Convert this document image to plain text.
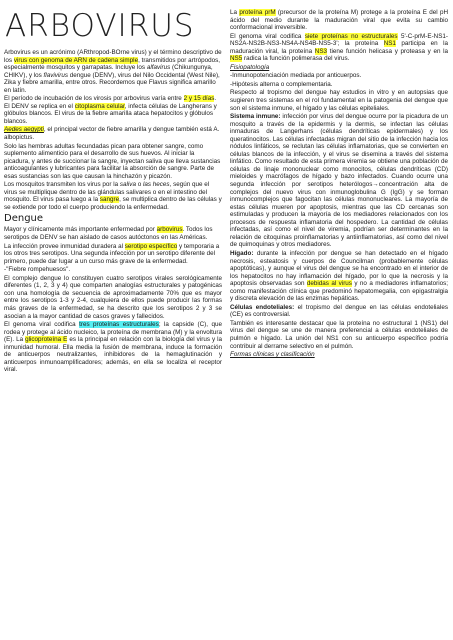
ARBOVIRUS

Arbovirus es un acrónimo (ARthropod-BOrne virus) y el término descriptivo de los virus con genoma de ARN de cadena simple, transmitidos por artrópodos, especialmente mosquitos y garrapatas. Incluye los alfavirus (Chikungunya, CHIKV), y los flavivirus dengue (DENV), virus del Nilo Occidental (West Nile), Zika y fiebre amarilla, entre otros. Recordemos que Flavus significa amarillo en latín.

El período de incubación de los virosis por arbovirus varía entre 2 y 15 días. El DENV se replica en el citoplasma celular, infecta células de Langherans y glóbulos blancos. El virus de la fiebre amarilla ataca hepatocitos y glóbulos blancos.

Aedes aegypti, el principal vector de fiebre amarilla y dengue también está A. albopictus.

Solo las hembras adultas fecundadas pican para obtener sangre, como suplemento alimenticio para el desarrollo de sus huevos. Al iniciar la picadura, y antes de succionar la sangre, inyectan saliva que lleva sustancias anticoagulantes y lubricantes para facilitar la absorción de sangre. Parte de esas sustancias son las que causan la hinchazón y picazón.

Los mosquitos transmiten los virus por la saliva o las heces, según que el virus se multiplique dentro de las glándulas salivares o en el intestino del mosquito. El virus pasa luego a la sangre, se multiplica dentro de las células y se extiende por todo el cuerpo produciendo la enfermedad.

Dengue

Mayor y clínicamente más importante enfermedad por arbovirus. Todos los serotipos de DENV se han aislado de casos autóctonos en las Américas.

La infección provee inmunidad duradera al serotipo específico y temporaria a los otros tres serotipos. Una segunda infección por un serotipo diferente del primero, puede dar lugar a un curso más grave de la enfermedad.

-"Fiebre rompehuesos".

El complejo dengue lo constituyen cuatro serotipos virales serológicamente diferentes (1, 2, 3 y 4) que comparten analogías estructurales y patogénicas con una homología de secuencia de aproximadamente 70% que es mayor entre los serotipos 1-3 y 2-4, cualquiera de ellos puede producir las formas más graves de la enfermedad, se ha descrito que los serotipos 2 y 3 se asocian a la mayor cantidad de casos graves y fallecidos.

El genoma viral codifica tres proteínas estructurales; la capside (C), que rodea y protege al ácido nucleico, la proteína de membrana (M) y la envoltura (E). La glicoproteína E es la principal en relación con la biología del virus y la inmunidad humoral. Ella media la fusión de membrana, induce la formación de anticuerpos neutralizantes, inhibidores de la hemaglutinación y anticuerpos inmunoamplificadores; además, en ella se localiza el receptor viral.

La proteína prM (precursor de la proteína M) protege a la proteína E del pH ácido del medio durante la maduración viral que evita su cambio conformacional irreversible.

El genoma viral codifica siete proteínas no estructurales 5'-C-prM-E-NS1- NS2A-NS2B-NS3-NS4A-NS4B-NS5-3'; la proteína NS1 participa en la maduración viral, la proteína NS3 tiene función helicasa y proteasa y en la NS5 radica la función polimerasa del virus.

Fisiopatología

-Inmunopotenciación mediada por anticuerpos.

-Hipótesis alterna o complementaria.

Respecto al tropismo del dengue hay estudios in vitro y en autopsias que sugieren tres sistemas en el rol fundamental en la patogenia del dengue que son el sistema inmune, el hígado y las células epiteliales.

Sistema inmune: infección por virus del dengue ocurre por la picadura de un mosquito a través de la epidermis y la dermis, se infectan las células inmaduras de Langerhans (células dendríticas epidermales) y los queratinocitos. Las células infectadas migran del sitio de la infección hacia los nódulos linfáticos, se reclutan las células inflamatorias, que se convierten en células blancos de la infección, y el virus se disemina a través del sistema linfático. Como resultado de esta primera viremia se obtiene una población de células de linaje mononuclear como monocitos, células dendríticas (CD) mieloides y macrófagos de hígado y bazo infectados. Cuando ocurre una segunda infección por serotipos heterólogos→concentración alta de complejos del nuevo virus con inmunoglobulina G (IgG) y se forman inmunocomplejos que fagocitan las células mononucleares. La mayoría de estas células mueren por apoptosis, mientras que las CD cercanas son estimuladas y producen la mayoría de los mediadores relacionados con los procesos de respuesta inflamatoria del hospedero. La cantidad de células infectadas, así como el nivel de viremia, podrían ser determinantes en la relación de citoquinas proinflamatorias y antiinflamatorias, así como del nivel de quimoquinas y otros mediadores.

Hígado: durante la infección por dengue se han detectado en el hígado necrosis, esteatosis y cuerpos de Councilman (probablemente células apoptóticas), y aunque el virus del dengue se ha encontrado en el interior de los hepatocitos no hay inflamación del hígado, por lo que la necrosis y la apoptosis observadas son debidas al virus y no a mediadores inflamatorios; como manifestación clínica que predominó hepatomegalia, con epigastralgia y discreta elevación de las enzimas hepáticas.

Células endoteliales: el tropismo del dengue en las células endoteliales (CE) es controversial.

También es interesante destacar que la proteína no estructural 1 (NS1) del virus del dengue se une de manera preferencial a células endoteliales de pulmón e hígado. La unión del NS1 con su anticuerpo específico podría contribuir al derrame selectivo en el pulmón.

Formas clínicas y clasificación
